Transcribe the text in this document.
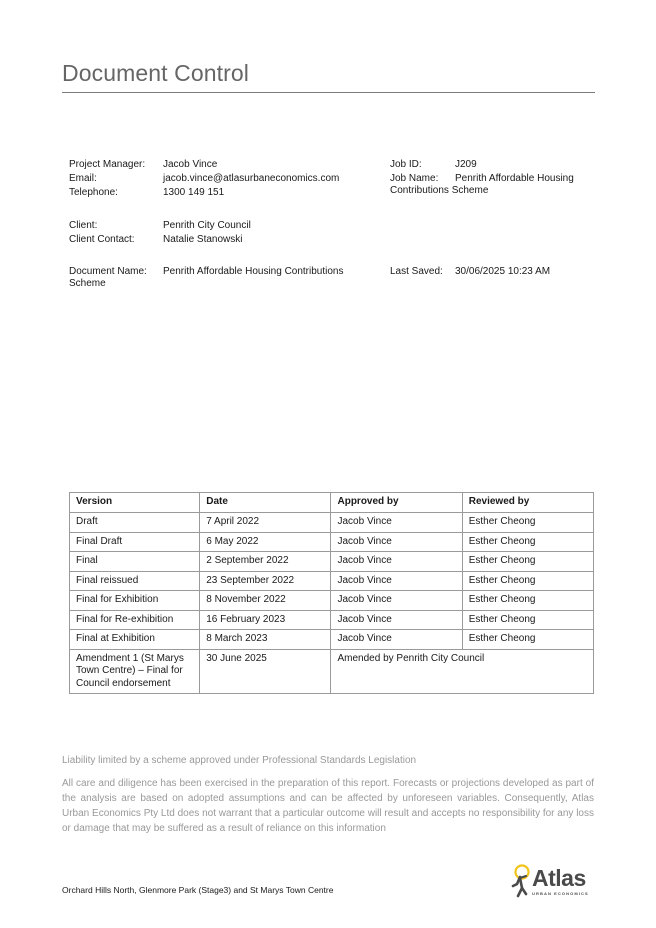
Document Control
Project Manager: Jacob Vince
Email:	jacob.vince@atlasurbaneconomics.com
Telephone:	1300 149 151
Job ID:	J209
Job Name: Penrith Affordable Housing
Contributions Scheme
Client:	Penrith City Council
Client Contact:	Natalie Stanowski
Document Name: Penrith Affordable Housing Contributions
Scheme
Last Saved: 30/06/2025 10:23 AM
Version	Date	Approved by	Reviewed by
Draft	7 April 2022	Jacob Vince	Esther Cheong
Final Draft	6 May 2022	Jacob Vince	Esther Cheong
Final	2 September 2022	Jacob Vince	Esther Cheong
Final reissued	23 September 2022	Jacob Vince	Esther Cheong
Final for Exhibition	8 November 2022	Jacob Vince	Esther Cheong
Final for Re-exhibition	16 February 2023	Jacob Vince	Esther Cheong
Final at Exhibition	8 March 2023	Jacob Vince	Esther Cheong

Amendment 1 (St Marys
Town Centre) – Final for
Council endorsement	30 June 2025	Amended by Penrith City Council	
Liability limited by a scheme approved under Professional Standards Legislation
All care and diligence has been exercised in the preparation of this report. Forecasts or projections developed as part of the analysis are based on adopted assumptions and can be affected by unforeseen variables. Consequently, Atlas Urban Economics Pty Ltd does not warrant that a particular outcome will result and accepts no responsibility for any loss or damage that may be suffered as a result of reliance on this information
Orchard Hills North, Glenmore Park (Stage3) and St Marys Town Centre	Atlas
URBAN ECONOMICS
